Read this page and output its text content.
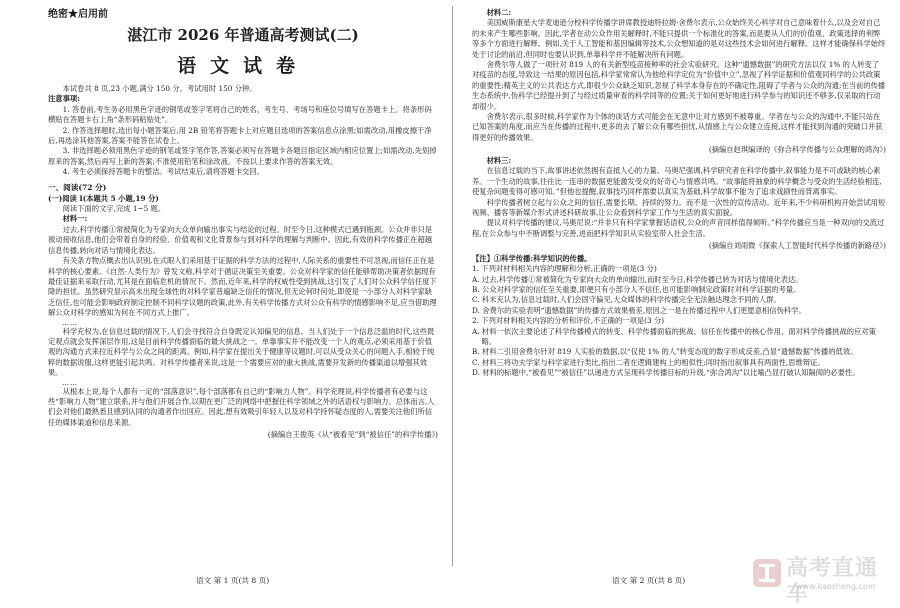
绝密★启用前

湛江市 2026 年普通高考测试(二)

语文试卷

本试卷共 8 页,23 小题,满分 150 分。考试用时 150 分钟。

注意事项:

1. 答卷前,考生务必用黑色字迹的钢笔或签字笔将自己的姓名、考生号、考场号和座位号填写在答题卡上。将条形码横贴在答题卡右上角“条形码粘贴处”。

2. 作答选择题时,选出每小题答案后,用 2B 铅笔将答题卡上对应题目选项的答案信息点涂黑;如需改动,用橡皮擦干净后,再选涂其他答案,答案不能答在试卷上。

3. 非选择题必须用黑色字迹的钢笔或签字笔作答,答案必须写在答题卡各题目指定区域内相应位置上;如需改动,先划掉原来的答案,然后再写上新的答案;不准使用铅笔和涂改液。不按以上要求作答的答案无效。

4. 考生必须保持答题卡的整洁。考试结束后,请将答题卡交回。

一、阅读(72 分)

(一)阅读 I(本题共 5 小题,19 分)

阅读下面的文字,完成 1~5 题。

材料一:

过去,科学传播①常被简化为专家向大众单向输出事实与结论的过程。时至今日,这种模式已遇到瓶颈。公众并非只是被动接收信息,他们会带着自身的经验、价值观和文化背景参与到对科学的理解与判断中。因此,有效的科学传播正在超越信息传播,转向对话与情境化表达。

有关条方物点概去出认识别,在式眼人们采用基于证据的科学方法的过程中,人际关系的重要性不可忽视,而信任正在是科学的核心要素。《自然·人类行为》曾发文称,科学对于循证决策至关重要。公众对科学家的信任能够帮助决策者依据现有最佳证据来采取行动,尤其是在面临危机的情况下。然而,近年来,科学的权威性受到挑战,这引发了人们对公众科学信任度下降的担忧。虽然研究显示高未出现全球性的对科学家普遍缺乏信任的情况,但无论何时何处,即使是一小部分人对科学家缺乏信任,也可能会影响政府制定控制不同科学议题的政策,此外,有关科学传播方式对公众有科学的情感影响不足,应当借助理解公众对科学的感知为何在不同方式上推广。

……

科学充权为,在信息过载的情况下,人们会寻找符合自身既定认知偏见的信息。当人们处于一个信息泛滥的时代,这些既定观点就会发挥深层作用,这是目前科学传播面临的最大挑战之一。单靠事实并不能改变一个人的观点,必须采用基于价值观的沟通方式来拉近科学与公众之间的距离。例如,科学家在提出关于健康等议题时,可以从受众关心的问题入手,相较于纯粹的数据说服,这样更能引起共鸣。对科学传播者来说,这是一个需要应对的重大挑战,需要开发新的传播渠道以增强其效果。

……

从根本上说,每个人都有一定的“部落意识”,每个部落都有自己的“影响力人物”。科学充理说,科学传播者有必要与这些“影响力人物”建立联系,并与他们开展合作,以期在更广泛的网络中把握住科学领域之外的话语权与影响力。总体而言,人们会对他们最熟悉且感到认同的沟通者作出回应。因此,想有效吸引年轻人以及对科学持怀疑态度的人,需要关注他们所信任的媒体渠道和信息来源。

(摘编自王俊英《从“被看见”到“被信任”的科学传播》)

材料二:

美国威斯康星大学麦迪逊分校科学传播学讲席教授迪特拉姆·舍费尔表示,公众始终关心科学对自己意味着什么,以及会对自己的未来产生哪些影响。因此,学者在动公众作用关解释时,不能只提供一个标准化的答案,而是要从人们的价值观、政策选择的利弊等多个方面进行解释。例如,关于人工智能和基因编辑等技术,公众想知道的是对这些技术会如何进行解释。这样才能确保科学始终处于讨论的前沿,但同时也要认识到,单靠科学并不能解决所有问题。

舍费尔等人做了一项针对 819 人的有关新型疫苗接种率的社会实验研究。这种“遗憾数据”的研究方法以仅 1% 的人转变了对疫苗的态度,导致这一结果的原因包括,科学家常常认为他给科学定位为“价值中立”,忽视了科学证据和价值观同科学的公共政策的重要性;精英主义的公共表达方式,即很少公众缺乏知识,忽视了科学本身存在的不确定性,阻碍了学者与公众的沟通;在当前的传播生态系统中,伪科学已经提升到了与经过质量审查的科学同等的位置;关于如何更好地进行科学参与的知识还不够多,仅采取的行动却很少。

舍费尔表示,很多时候,科学家作为个体的谈话方式可能会在无意中让对方感到不被尊重。学者在与公众的沟通中,不能只站在已知答案的角度,而应当在传播的过程中,更多的去了解公众有哪些担忧,从情感上与公众建立连接,这样才能找到沟通的突破口并获得更好的传播效果。

(摘编自赵琪编译的《弥合科学传播与公众理解的鸿沟》)

材料三:

在信息过载的当下,故事讲述依然拥有直抵人心的力量。马奥尼强调,科学研究者在科学传播中,叙事能力是不可或缺的核心素养。一个生动的故事,往往比一连串的数据更能激发受众的好奇心与情感共鸣。“故事能将抽象的科学概念与受众的生活经验相连,使复杂问题变得可感可知。”但他也提醒,叙事技巧同样需要以真实为基础,科学故事不能为了追求戏剧性而背离事实。

科学传播者树立起与公众之间的信任,需要长期、持续的努力。而不是一次性的宣传活动。近年来,不少科研机构开始尝试用短视频、播客等新媒介形式讲述科研故事,让公众看到科学家工作与生活的真实面貌。

提议对科学传播的建议,马奥尼说:“并非只有科学家掌握话语权,公众的声音同样值得倾听。”科学传播应当是一种双向的交流过程,在公众参与中不断调整与完善,进而把科学知识从实验室带入社会生活。

(摘编自刘雨微《探索人工智能时代科学传播的新路径》)

【注】①科学传播:科学知识的传播。

1. 下列对材料相关内容的理解和分析,正确的一项是(3 分)

A. 过去,科学传播①常被简化为专家向大众的单向输出,而时至今日,科学传播已转为对话与情境化表达。

B. 公众对科学家的信任至关重要,即便只有小部分人不信任,也可能影响制定政策时对科学证据的考量。

C. 科米充认为,信息过载时,人们会固守偏见,大众媒体的科学传播完全无法触达理念不同的人群。

D. 舍费尔的实验表明“遗憾数据”的传播方式效果极差,原因之一是在传播过程中人们更愿意相信伪科学。

2. 下列对材料相关内容的分析和评价,不正确的一项是(3 分)

A. 材料一依次主要论述了科学传播模式的转变、科学传播面临的挑战、信任在传播中的核心作用、面对科学传播挑战的应对策略。

B. 材料二引用舍费尔针对 819 人实验的数据,以“仅使 1% 的人”转变态度的数字形成反差,凸显“遗憾数据”传播的低效。

C. 材料三将功夫学家与科学家进行类比,指出二者在逻辑建构上的相似性;同时指出叙事具有两面性,思维辩证。

D. 材料的标题中,“被看见”“被信任”以递进方式呈现科学传播目标的升级,“弥合鸿沟”以比喻凸显打破认知隔阂的必要性。

语文 第 1 页(共 8 页)	语文 第 2 页(共 8 页)	高考直通车
www.kaosheng.com
